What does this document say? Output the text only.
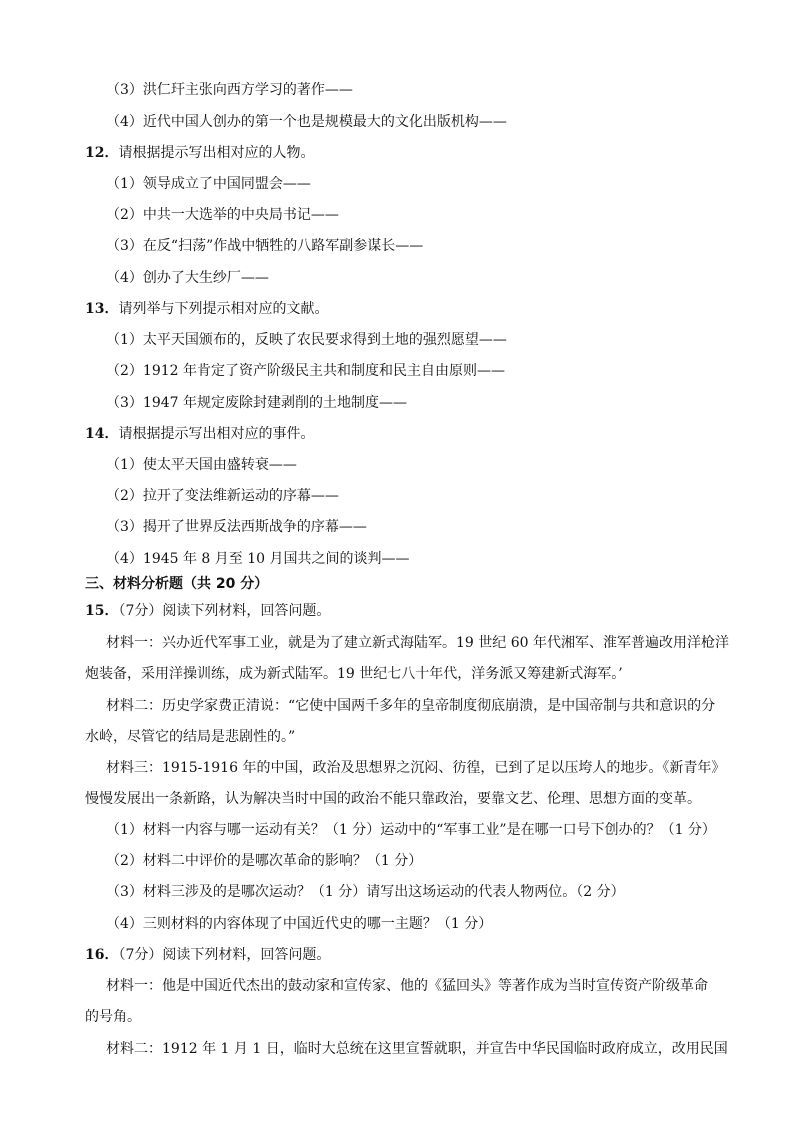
（3）洪仁玕主张向西方学习的著作——
（4）近代中国人创办的第一个也是规模最大的文化出版机构——
12．请根据提示写出相对应的人物。
（1）领导成立了中国同盟会——
（2）中共一大选举的中央局书记——
（3）在反“扫荡”作战中牺牲的八路军副参谋长——
（4）创办了大生纱厂——
13．请列举与下列提示相对应的文献。
（1）太平天国颁布的，反映了农民要求得到土地的强烈愿望——
（2）1912 年肯定了资产阶级民主共和制度和民主自由原则——
（3）1947 年规定废除封建剥削的土地制度——
14．请根据提示写出相对应的事件。
（1）使太平天国由盛转衰——
（2）拉开了变法维新运动的序幕——
（3）揭开了世界反法西斯战争的序幕——
（4）1945 年 8 月至 10 月国共之间的谈判——
三、材料分析题（共 20 分）
15．（7分）阅读下列材料，回答问题。
材料一：兴办近代军事工业，就是为了建立新式海陆军。19 世纪 60 年代湘军、淮军普遍改用洋枪洋
炮装备，采用洋操训练，成为新式陆军。19 世纪七八十年代，洋务派又筹建新式海军。’
材料二：历史学家费正清说：“它使中国两千多年的皇帝制度彻底崩溃，是中国帝制与共和意识的分
水岭，尽管它的结局是悲剧性的。”
材料三：1915-1916 年的中国，政治及思想界之沉闷、彷徨，已到了足以压垮人的地步。《新青年》
慢慢发展出一条新路，认为解决当时中国的政治不能只靠政治，要靠文艺、伦理、思想方面的变革。
（1）材料一内容与哪一运动有关？（1 分）运动中的“军事工业”是在哪一口号下创办的？（1 分）
（2）材料二中评价的是哪次革命的影响？（1 分）
（3）材料三涉及的是哪次运动？（1 分）请写出这场运动的代表人物两位。（2 分）
（4）三则材料的内容体现了中国近代史的哪一主题？（1 分）
16．（7分）阅读下列材料，回答问题。
材料一：他是中国近代杰出的鼓动家和宣传家、他的《猛回头》等著作成为当时宣传资产阶级革命
的号角。
材料二：1912 年 1 月 1 日，临时大总统在这里宣誓就职，并宣告中华民国临时政府成立，改用民国
